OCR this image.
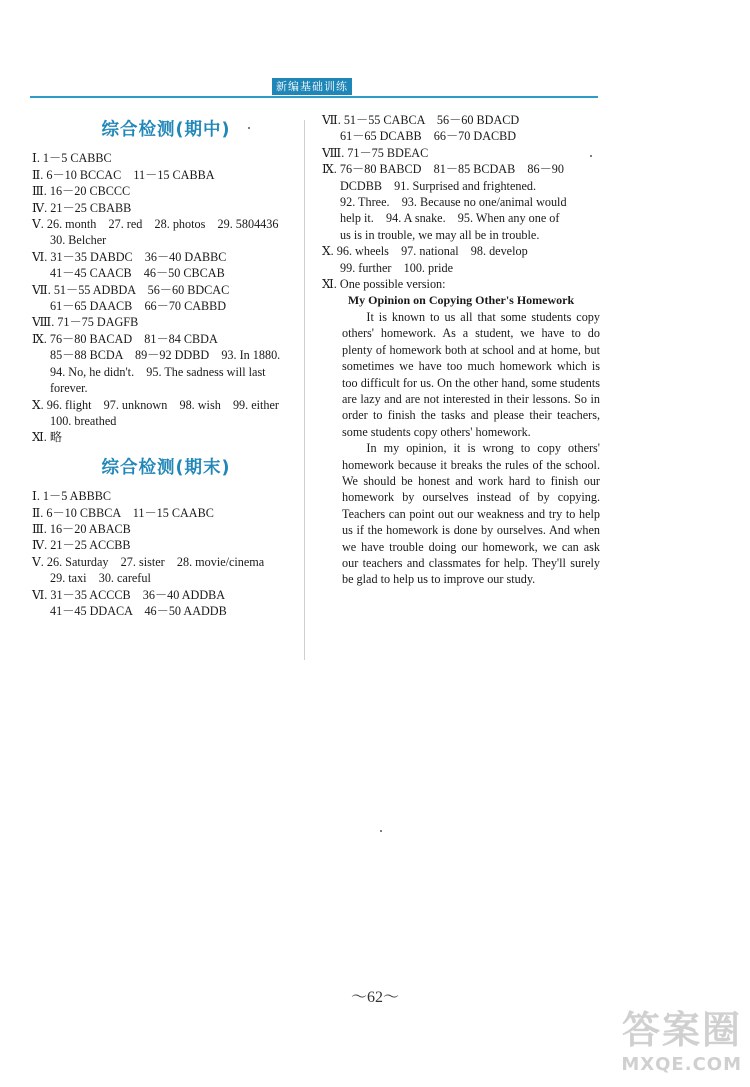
新编基础训练
综合检测(期中)
Ⅰ. 1－5 CABBC
Ⅱ. 6－10 BCCAC　11－15 CABBA
Ⅲ. 16－20 CBCCC
Ⅳ. 21－25 CBABB
Ⅴ. 26. month　27. red　28. photos　29. 5804436
30. Belcher
Ⅵ. 31－35 DABDC　36－40 DABBC
41－45 CAACB　46－50 CBCAB
Ⅶ. 51－55 ADBDA　56－60 BDCAC
61－65 DAACB　66－70 CABBD
Ⅷ. 71－75 DAGFB
Ⅸ. 76－80 BACAD　81－84 CBDA
85－88 BCDA　89－92 DDBD　93. In 1880.
94. No, he didn't.　95. The sadness will last
forever.
Ⅹ. 96. flight　97. unknown　98. wish　99. either
100. breathed
Ⅺ. 略
综合检测(期末)
Ⅰ. 1－5 ABBBC
Ⅱ. 6－10 CBBCA　11－15 CAABC
Ⅲ. 16－20 ABACB
Ⅳ. 21－25 ACCBB
Ⅴ. 26. Saturday　27. sister　28. movie/cinema
29. taxi　30. careful
Ⅵ. 31－35 ACCCB　36－40 ADDBA
41－45 DDACA　46－50 AADDB
Ⅶ. 51－55 CABCA　56－60 BDACD
61－65 DCABB　66－70 DACBD
Ⅷ. 71－75 BDEAC
Ⅸ. 76－80 BABCD　81－85 BCDAB　86－90
DCDBB　91. Surprised and frightened.
92. Three.　93. Because no one/animal would
help it.　94. A snake.　95. When any one of
us is in trouble, we may all be in trouble.
Ⅹ. 96. wheels　97. national　98. develop
99. further　100. pride
Ⅺ. One possible version:

My Opinion on Copying Other's Homework

It is known to us all that some students copy others' homework. As a student, we have to do plenty of homework both at school and at home, but sometimes we have too much homework which is too difficult for us. On the other hand, some students are lazy and are not interested in their lessons. So in order to finish the tasks and please their teachers, some students copy others' homework.

In my opinion, it is wrong to copy others' homework because it breaks the rules of the school. We should be honest and work hard to finish our homework by ourselves instead of by copying. Teachers can point out our weakness and try to help us if the homework is done by ourselves. And when we have trouble doing our homework, we can ask our teachers and classmates for help. They'll surely be glad to help us to improve our study.

～62～
答案圈
MXQE.COM
